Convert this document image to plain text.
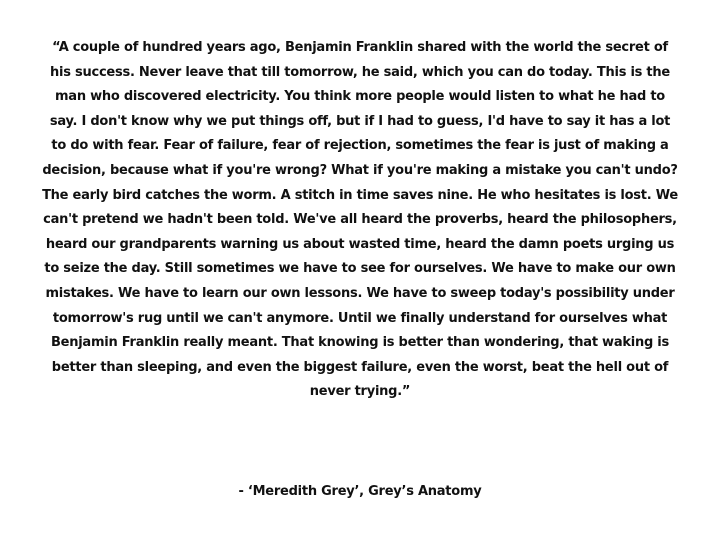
“A couple of hundred years ago, Benjamin Franklin shared with the world the secret of his success. Never leave that till tomorrow, he said, which you can do today. This is the man who discovered electricity. You think more people would listen to what he had to say. I don't know why we put things off, but if I had to guess, I'd have to say it has a lot to do with fear. Fear of failure, fear of rejection, sometimes the fear is just of making a decision, because what if you're wrong? What if you're making a mistake you can't undo? The early bird catches the worm. A stitch in time saves nine. He who hesitates is lost. We can't pretend we hadn't been told. We've all heard the proverbs, heard the philosophers, heard our grandparents warning us about wasted time, heard the damn poets urging us to seize the day. Still sometimes we have to see for ourselves. We have to make our own mistakes. We have to learn our own lessons. We have to sweep today's possibility under tomorrow's rug until we can't anymore. Until we finally understand for ourselves what Benjamin Franklin really meant. That knowing is better than wondering, that waking is better than sleeping, and even the biggest failure, even the worst, beat the hell out of never trying.”

- ‘Meredith Grey’, Grey’s Anatomy
